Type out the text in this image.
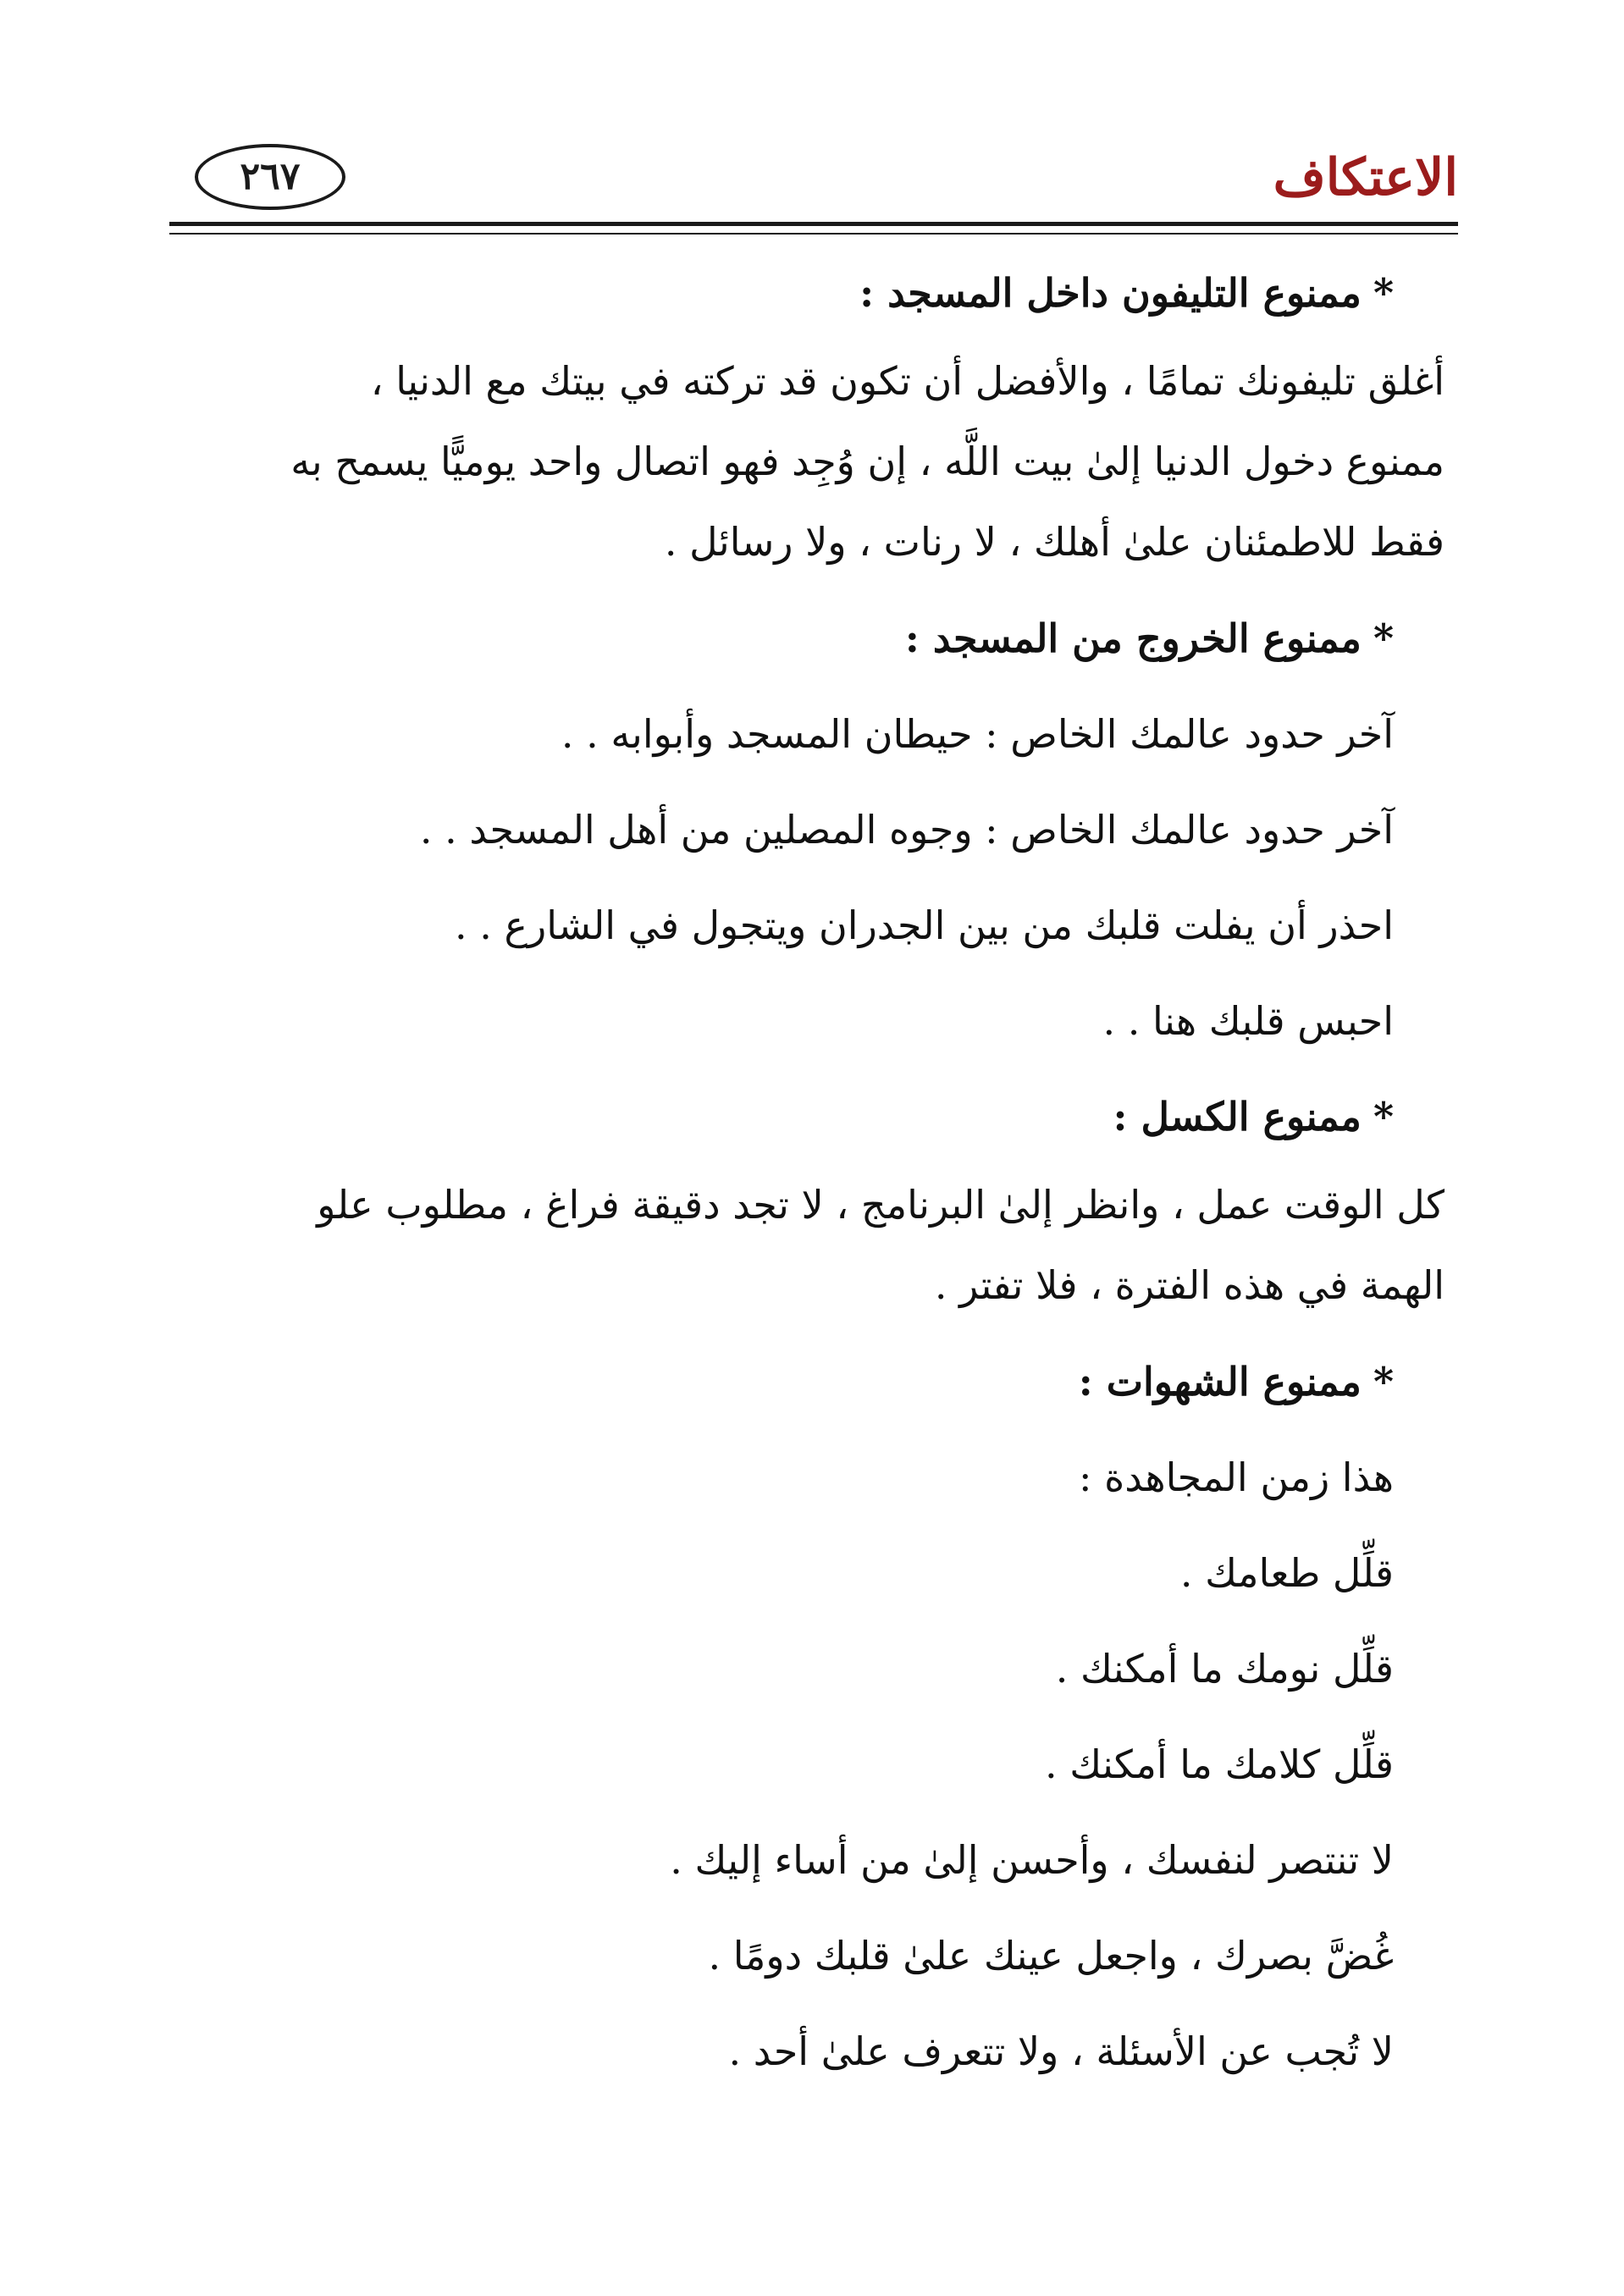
الاعتكاف
٢٦٧
*ممنوع التليفون داخل المسجد :
أغلق تليفونك تمامًا ، والأفضل أن تكون قد تركته في بيتك مع الدنيا ،
ممنوع دخول الدنيا إلىٰ بيت اللَّه ، إن وُجِد فهو اتصال واحد يوميًّا يسمح به
فقط للاطمئنان علىٰ أهلك ، لا رنات ، ولا رسائل .
*ممنوع الخروج من المسجد :
آخر حدود عالمك الخاص : حيطان المسجد وأبوابه . .
آخر حدود عالمك الخاص : وجوه المصلين من أهل المسجد . .
احذر أن يفلت قلبك من بين الجدران ويتجول في الشارع . .
احبس قلبك هنا . .
*ممنوع الكسل :
كل الوقت عمل ، وانظر إلىٰ البرنامج ، لا تجد دقيقة فراغ ، مطلوب علو
الهمة في هذه الفترة ، فلا تفتر .
*ممنوع الشهوات :
هذا زمن المجاهدة :
قلِّل طعامك .
قلِّل نومك ما أمكنك .
قلِّل كلامك ما أمكنك .
لا تنتصر لنفسك ، وأحسن إلىٰ من أساء إليك .
غُضَّ بصرك ، واجعل عينك علىٰ قلبك دومًا .
لا تُجب عن الأسئلة ، ولا تتعرف علىٰ أحد .
